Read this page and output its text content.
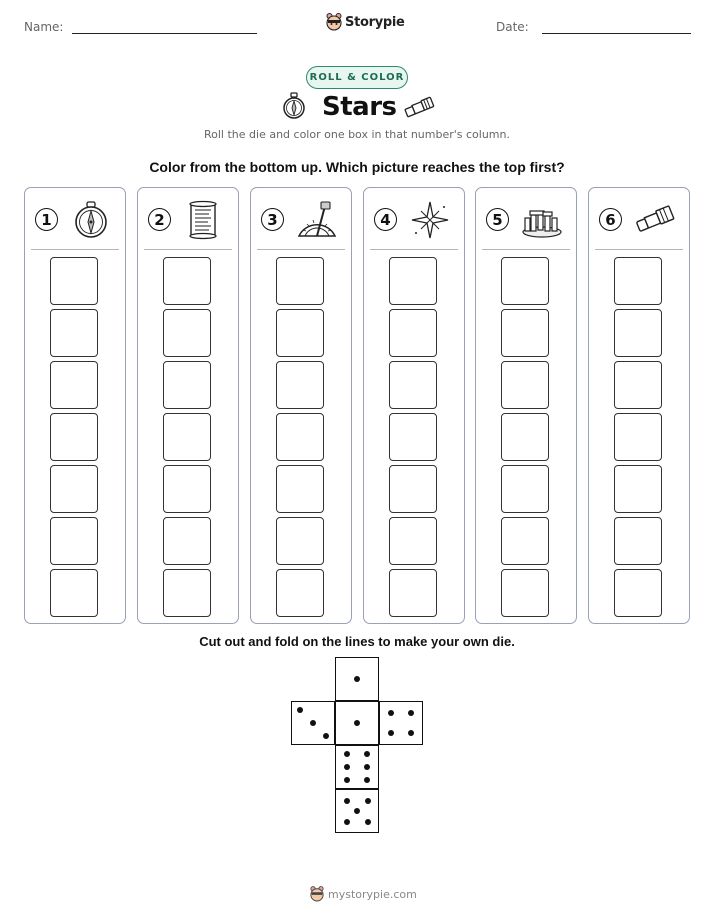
Name:	Storypie	Date:
ROLL & COLOR
Stars
Roll the die and color one box in that number's column.
Color from the bottom up. Which picture reaches the top first?
1	2	3	4	5	6
Cut out and fold on the lines to make your own die.
mystorypie.com
